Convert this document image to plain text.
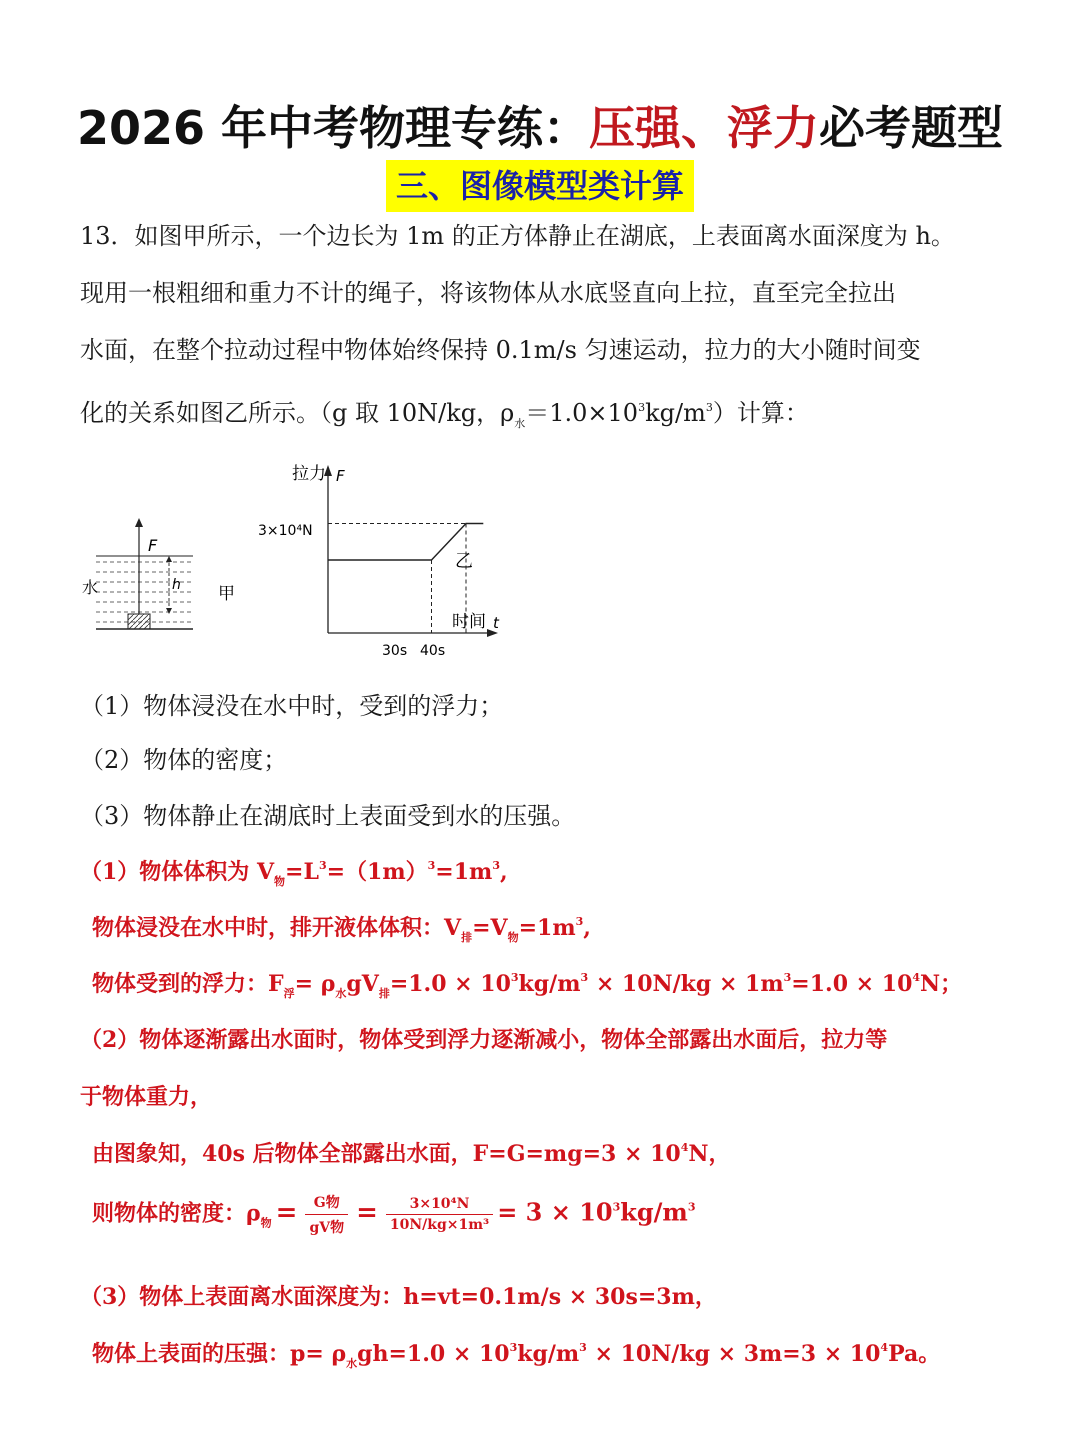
2026 年中考物理专练：压强、浮力必考题型
三、图像模型类计算
13．如图甲所示，一个边长为 1m 的正方体静止在湖底，上表面离水面深度为 h。
现用一根粗细和重力不计的绳子，将该物体从水底竖直向上拉，直至完全拉出
水面，在整个拉动过程中物体始终保持 0.1m/s 匀速运动，拉力的大小随时间变
化的关系如图乙所示。（g 取 10N/kg，$\rho_水=1.0\times 10^3kg/m^3$）计算：
F
水	h 甲
拉力 F
时间 t
3×10⁴N
30s 40s
乙
（1）物体浸没在水中时，受到的浮力；
（2）物体的密度；
（3）物体静止在湖底时上表面受到水的压强。
（1）物体体积为 $V_物=L^3=(1m)^3=1m^3$,
物体浸没在水中时，排开液体体积：$V_排=V_物=1m^3$,
物体受到的浮力：$F_浮= \rho_水gV_排=1.0 \times 10^3kg/m^3 \times 10N/kg \times 1m^3=1.0 \times 10^4N$；
（2）物体逐渐露出水面时，物体受到浮力逐渐减小，物体全部露出水面后，拉力等
于物体重力，
由图象知，40s 后物体全部露出水面，$F=G=mg=3 \times 10^4N$，
则物体的密度：$\rho_物 = \frac{\text{G物}}{\text{gV物}} = \frac{\text{3×10⁴N}}{\text{10N/kg×1m³}} = 3 \times 10^3kg/m^3$
（3）物体上表面离水面深度为：h=vt=0.1m/s × 30s=3m，
物体上表面的压强：$p= \rho_水gh=1.0 \times 10^3kg/m^3 \times 10N/kg \times 3m=3 \times 10^4Pa$。
